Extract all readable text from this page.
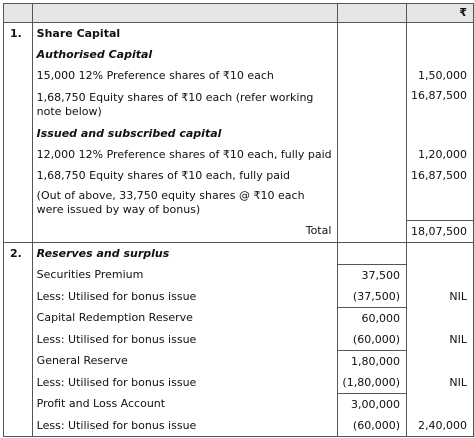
			₹
1.	Share Capital		
	Authorised Capital		
	15,000 12% Preference shares of ₹10 each		1,50,000
	1,68,750 Equity shares of ₹10 each (refer working note below)		16,87,500
	Issued and subscribed capital		
	12,000 12% Preference shares of ₹10 each, fully paid		1,20,000
	1,68,750 Equity shares of ₹10 each, fully paid		16,87,500
	(Out of above, 33,750 equity shares @ ₹10 each were issued by way of bonus)		
	Total		18,07,500
2.	Reserves and surplus		
	Securities Premium	37,500	
	Less: Utilised for bonus issue	(37,500)	NIL
	Capital Redemption Reserve	60,000	
	Less: Utilised for bonus issue	(60,000)	NIL
	General Reserve	1,80,000	
	Less: Utilised for bonus issue	(1,80,000)	NIL
	Profit and Loss Account	3,00,000	
	Less: Utilised for bonus issue	(60,000)	2,40,000
